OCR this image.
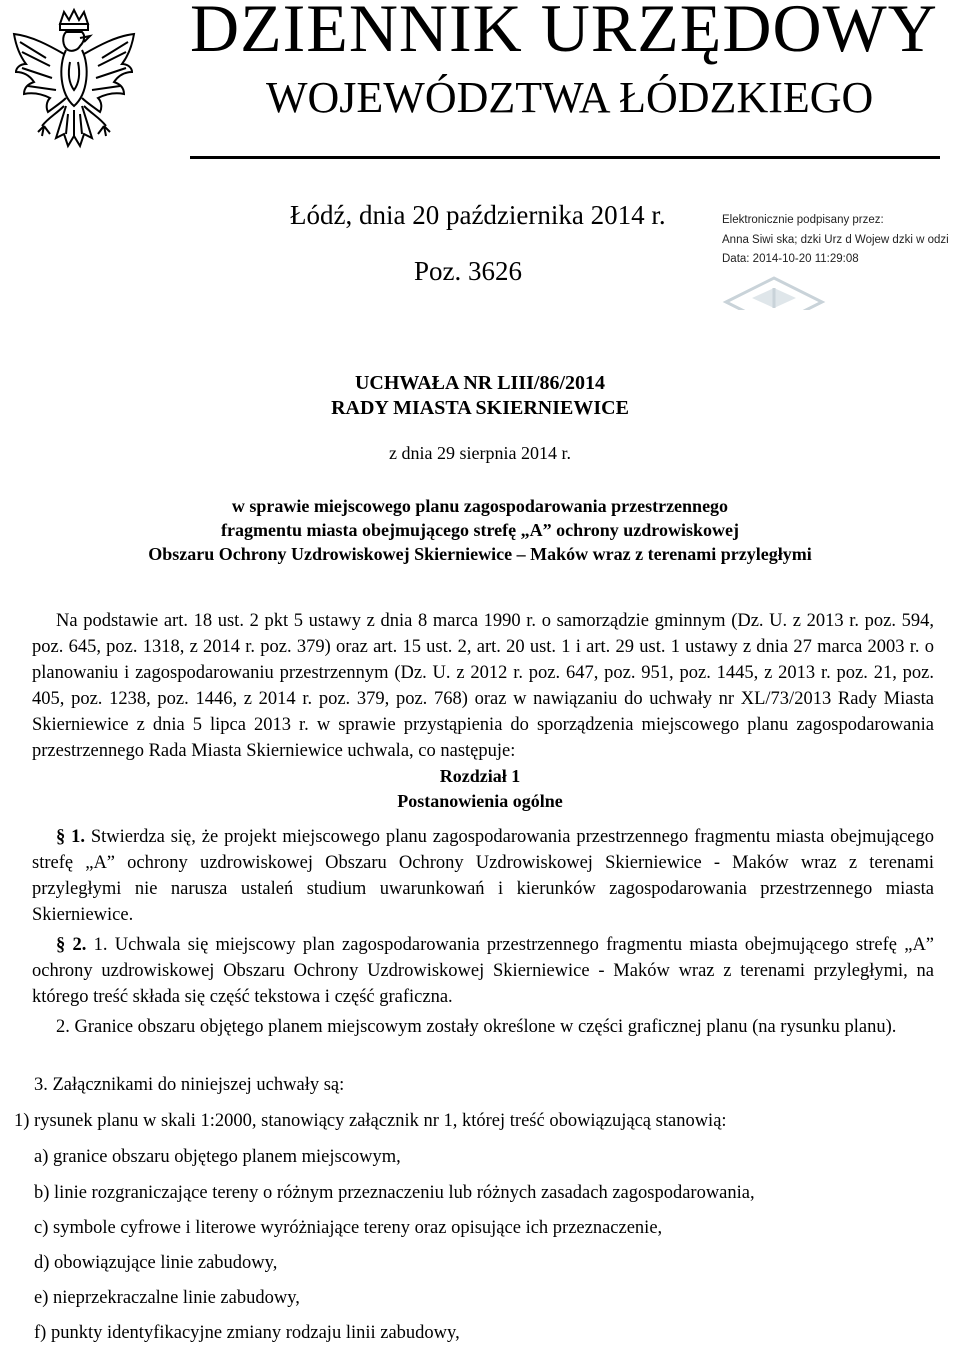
DZIENNIK URZĘDOWY
WOJEWÓDZTWA ŁÓDZKIEGO
Łódź, dnia 20 października 2014 r.
Poz. 3626
Elektronicznie podpisany przez:
Anna Siwi ska; dzki Urz d Wojew dzki w odzi
Data: 2014-10-20 11:29:08
UCHWAŁA NR LIII/86/2014
RADY MIASTA SKIERNIEWICE
z dnia 29 sierpnia 2014 r.
w sprawie miejscowego planu zagospodarowania przestrzennego
fragmentu miasta obejmującego strefę „A” ochrony uzdrowiskowej
Obszaru Ochrony Uzdrowiskowej Skierniewice – Maków wraz z terenami przyległymi
Na podstawie art. 18 ust. 2 pkt 5 ustawy z dnia 8 marca 1990 r. o samorządzie gminnym (Dz. U. z 2013 r. poz. 594, poz. 645, poz. 1318, z 2014 r. poz. 379) oraz art. 15 ust. 2, art. 20 ust. 1 i art. 29 ust. 1 ustawy z dnia 27 marca 2003 r. o planowaniu i zagospodarowaniu przestrzennym (Dz. U. z 2012 r. poz. 647, poz. 951, poz. 1445, z 2013 r. poz. 21, poz. 405, poz. 1238, poz. 1446, z 2014 r. poz. 379, poz. 768) oraz w nawiązaniu do uchwały nr XL/73/2013 Rady Miasta Skierniewice z dnia 5 lipca 2013 r. w sprawie przystąpienia do sporządzenia miejscowego planu zagospodarowania przestrzennego Rada Miasta Skierniewice uchwala, co następuje:
Rozdział 1
Postanowienia ogólne
§ 1. Stwierdza się, że projekt miejscowego planu zagospodarowania przestrzennego fragmentu miasta obejmującego strefę „A” ochrony uzdrowiskowej Obszaru Ochrony Uzdrowiskowej Skierniewice - Maków wraz z terenami przyległymi nie narusza ustaleń studium uwarunkowań i kierunków zagospodarowania przestrzennego miasta Skierniewice.
§ 2. 1. Uchwala się miejscowy plan zagospodarowania przestrzennego fragmentu miasta obejmującego strefę „A” ochrony uzdrowiskowej Obszaru Ochrony Uzdrowiskowej Skierniewice - Maków wraz z terenami przyległymi, na którego treść składa się część tekstowa i część graficzna.
2. Granice obszaru objętego planem miejscowym zostały określone w części graficznej planu (na rysunku planu).
3. Załącznikami do niniejszej uchwały są:
1) rysunek planu w skali 1:2000, stanowiący załącznik nr 1, której treść obowiązującą stanowią:
a) granice obszaru objętego planem miejscowym,
b) linie rozgraniczające tereny o różnym przeznaczeniu lub różnych zasadach zagospodarowania,
c) symbole cyfrowe i literowe wyróżniające tereny oraz opisujące ich przeznaczenie,
d) obowiązujące linie zabudowy,
e) nieprzekraczalne linie zabudowy,
f) punkty identyfikacyjne zmiany rodzaju linii zabudowy,
